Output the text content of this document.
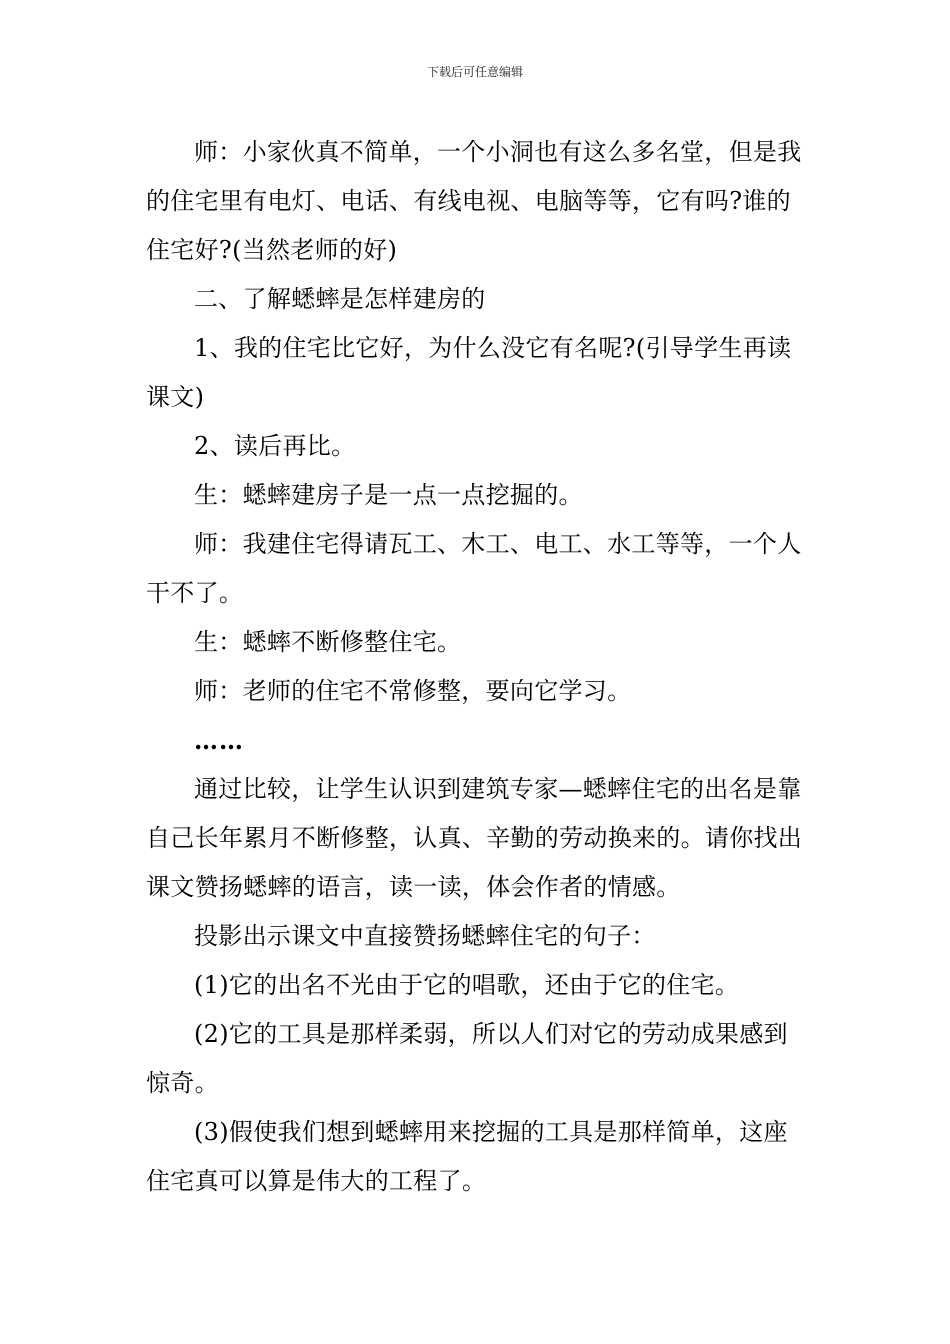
下载后可任意编辑

师：小家伙真不简单，一个小洞也有这么多名堂，但是我的住宅里有电灯、电话、有线电视、电脑等等，它有吗?谁的住宅好?(当然老师的好)

二、了解蟋蟀是怎样建房的

1、我的住宅比它好，为什么没它有名呢?(引导学生再读课文)

2、读后再比。

生：蟋蟀建房子是一点一点挖掘的。

师：我建住宅得请瓦工、木工、电工、水工等等，一个人干不了。

生：蟋蟀不断修整住宅。

师：老师的住宅不常修整，要向它学习。

……

通过比较，让学生认识到建筑专家—蟋蟀住宅的出名是靠自己长年累月不断修整，认真、辛勤的劳动换来的。请你找出课文赞扬蟋蟀的语言，读一读，体会作者的情感。

投影出示课文中直接赞扬蟋蟀住宅的句子：

(1)它的出名不光由于它的唱歌，还由于它的住宅。

(2)它的工具是那样柔弱，所以人们对它的劳动成果感到惊奇。

(3)假使我们想到蟋蟀用来挖掘的工具是那样简单，这座住宅真可以算是伟大的工程了。
